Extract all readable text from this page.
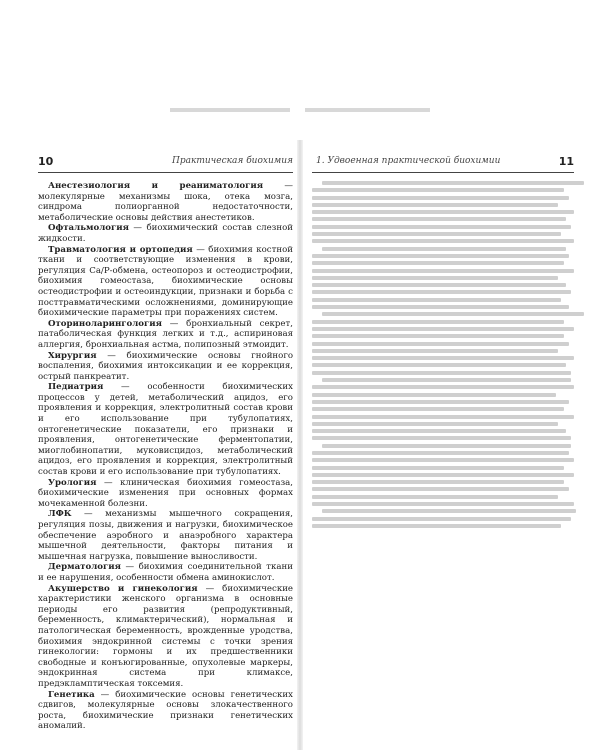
10	Практическая биохимия

Анестезиология и реаниматология — молекулярные механизмы шока, отека мозга, синдрома полиорганной недостаточности, метаболические основы действия анестетиков.

Офтальмология — биохимический состав слезной жидкости.

Травматология и ортопедия — биохимия костной ткани и соответствующие изменения в крови, регуляция Са/Р-обмена, остеопороз и остеодистрофии, биохимия гомеостаза, биохимические основы остеодистрофии и остеоиндукции, признаки и борьба с посттравматическими осложнениями, доминирующие биохимические параметры при поражениях систем.

Оториноларингология — бронхиальный секрет, патаболическая функция легких и т.д., аспириновая аллергия, бронхиальная астма, полипозный этмоидит.

Хирургия — биохимические основы гнойного воспаления, биохимия интоксикации и ее коррекция, острый панкреатит.

Педиатрия — особенности биохимических процессов у детей, метаболический ацидоз, его проявления и коррекция, электролитный состав крови и его использование при тубулопатиях, онтогенетические показатели, его признаки и проявления, онтогенетические ферментопатии, миоглобинопатии, муковисцидоз, метаболический ацидоз, его проявления и коррекция, электролитный состав крови и его использование при тубулопатиях.

Урология — клиническая биохимия гомеостаза, биохимические изменения при основных формах мочекаменной болезни.

ЛФК — механизмы мышечного сокращения, регуляция позы, движения и нагрузки, биохимическое обеспечение аэробного и анаэробного характера мышечной деятельности, факторы питания и мышечная нагрузка, повышение выносливости.

Дерматология — биохимия соединительной ткани и ее нарушения, особенности обмена аминокислот.

Акушерство и гинекология — биохимические характеристики женского организма в основные периоды его развития (репродуктивный, беременность, климактерический), нормальная и патологическая беременность, врожденные уродства, биохимия эндокринной системы с точки зрения гинекологии: гормоны и их предшественники свободные и конъюгированные, опухолевые маркеры, эндокринная система при климаксе, предэкламптическая токсемия.

Генетика — биохимические основы генетических сдвигов, молекулярные основы злокачественного роста, биохимические признаки генетических аномалий.

1. Удвоенная практической биохимии	11
